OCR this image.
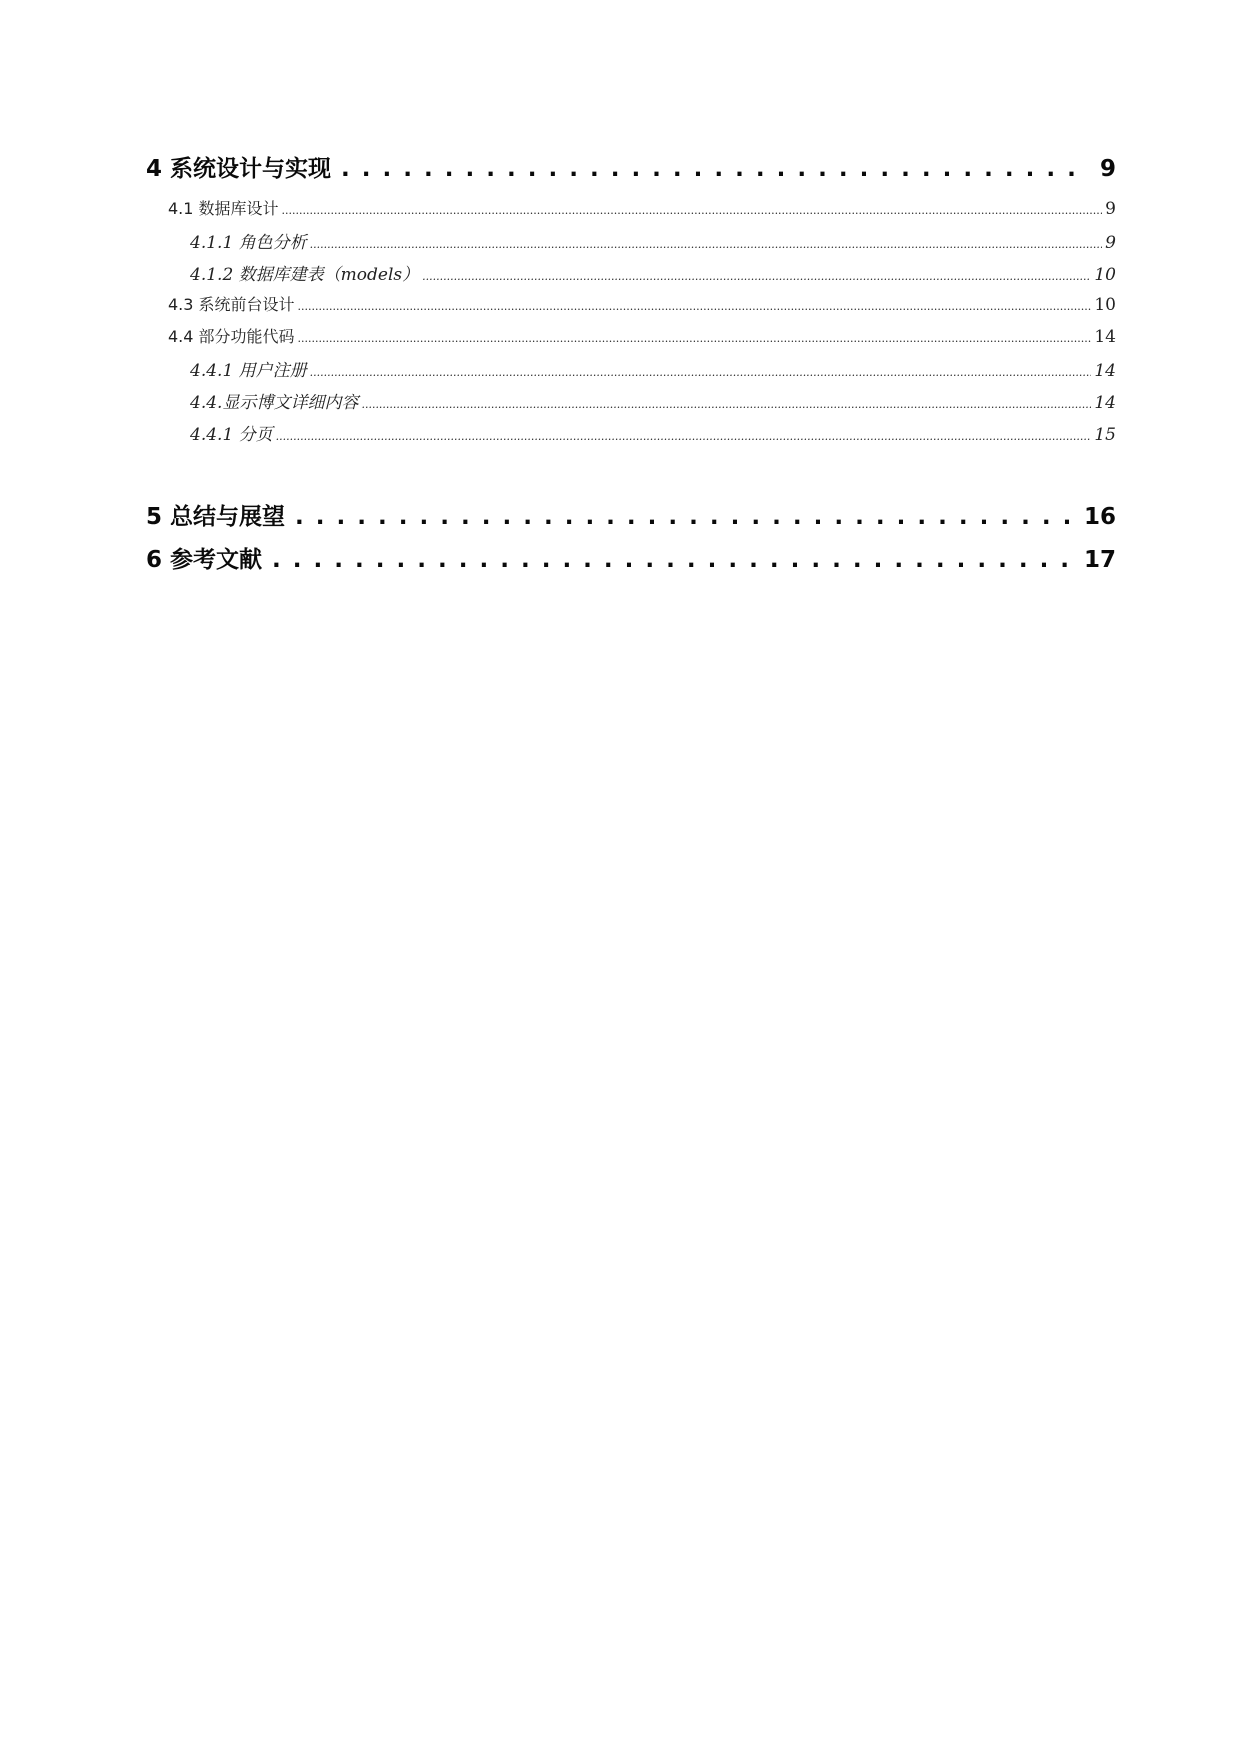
4 系统设计与实现 . . .	9
4.1 数据库设计 .....	9
4.1.1 角色分析 .....	9
4.1.2 数据库建表（models） .....	10
4.3 系统前台设计 .....	10
4.4 部分功能代码 .....	14
4.4.1 用户注册 .....	14
4.4.显示博文详细内容 .....	14
4.4.1 分页 .....	15
5 总结与展望 . . .	16
6 参考文献 . . .	17
